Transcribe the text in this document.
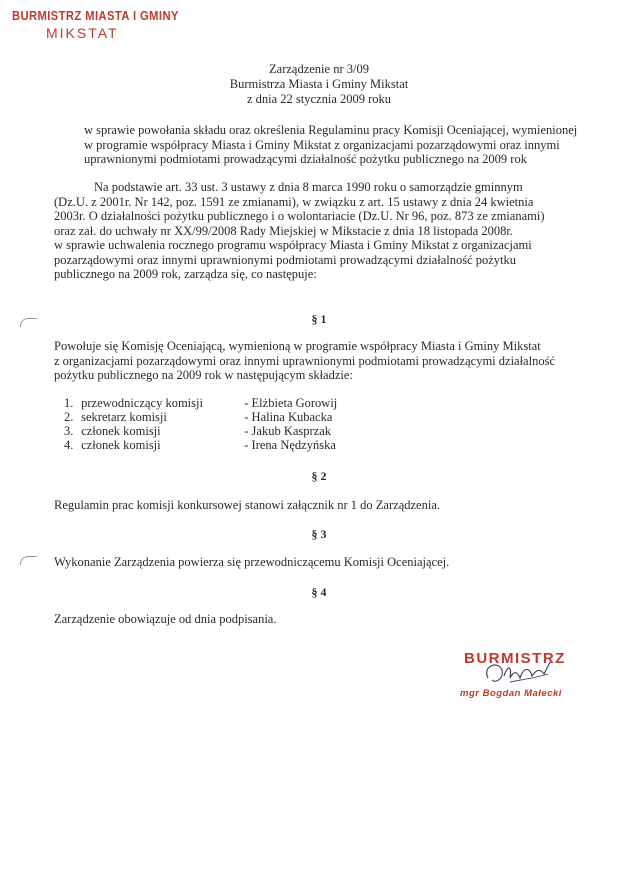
BURMISTRZ MIASTA I GMINY
MIKSTAT
Zarządzenie nr 3/09
Burmistrza Miasta i Gminy Mikstat
z dnia 22 stycznia 2009 roku
w sprawie powołania składu oraz określenia Regulaminu pracy Komisji Oceniającej, wymienionej
w programie współpracy Miasta i Gminy Mikstat z organizacjami pozarządowymi oraz innymi
uprawnionymi podmiotami prowadzącymi działalność pożytku publicznego na 2009 rok
Na podstawie art. 33 ust. 3 ustawy z dnia 8 marca 1990 roku o samorządzie gminnym
(Dz.U. z 2001r. Nr 142, poz. 1591 ze zmianami), w związku z art. 15 ustawy z dnia 24 kwietnia
2003r. O działalności pożytku publicznego i o wolontariacie (Dz.U. Nr 96, poz. 873 ze zmianami)
oraz zał. do uchwały nr XX/99/2008 Rady Miejskiej w Mikstacie z dnia 18 listopada 2008r.
w sprawie uchwalenia rocznego programu współpracy Miasta i Gminy Mikstat z organizacjami
pozarządowymi oraz innymi uprawnionymi podmiotami prowadzącymi działalność pożytku
publicznego na 2009 rok, zarządza się, co następuje:
§ 1
Powołuje się Komisję Oceniającą, wymienioną w programie współpracy Miasta i Gminy Mikstat
z organizacjami pozarządowymi oraz innymi uprawnionymi podmiotami prowadzącymi działalność
pożytku publicznego na 2009 rok w następującym składzie:
1. przewodniczący komisji	- Elżbieta Gorowij
2. sekretarz komisji	- Halina Kubacka
3. członek komisji	- Jakub Kasprzak
4. członek komisji	- Irena Nędzyńska
§ 2
Regulamin prac komisji konkursowej stanowi załącznik nr 1 do Zarządzenia.
§ 3
Wykonanie Zarządzenia powierza się przewodniczącemu Komisji Oceniającej.
§ 4
Zarządzenie obowiązuje od dnia podpisania.
BURMISTRZ
mgr Bogdan Małecki
